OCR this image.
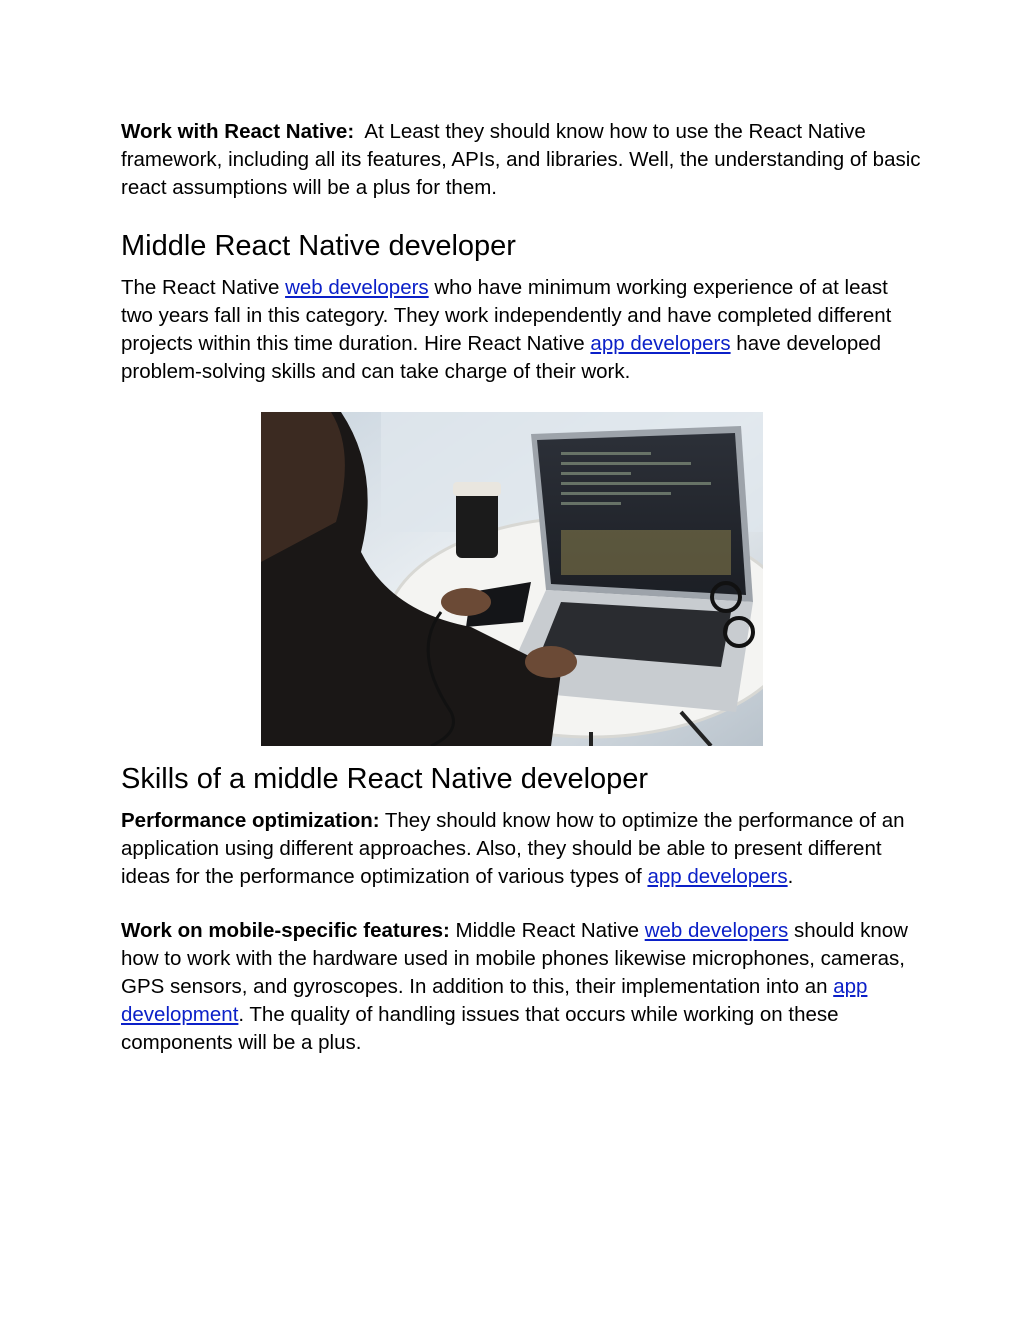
Work with React Native:  At Least they should know how to use the React Native framework, including all its features, APIs, and libraries. Well, the understanding of basic react assumptions will be a plus for them.

Middle React Native developer

The React Native web developers who have minimum working experience of at least two years fall in this category. They work independently and have completed different projects within this time duration. Hire React Native app developers have developed problem-solving skills and can take charge of their work.

Skills of a middle React Native developer

Performance optimization: They should know how to optimize the performance of an application using different approaches. Also, they should be able to present different ideas for the performance optimization of various types of app developers.

Work on mobile-specific features: Middle React Native web developers should know how to work with the hardware used in mobile phones likewise microphones, cameras, GPS sensors, and gyroscopes. In addition to this, their implementation into an app development. The quality of handling issues that occurs while working on these components will be a plus.
